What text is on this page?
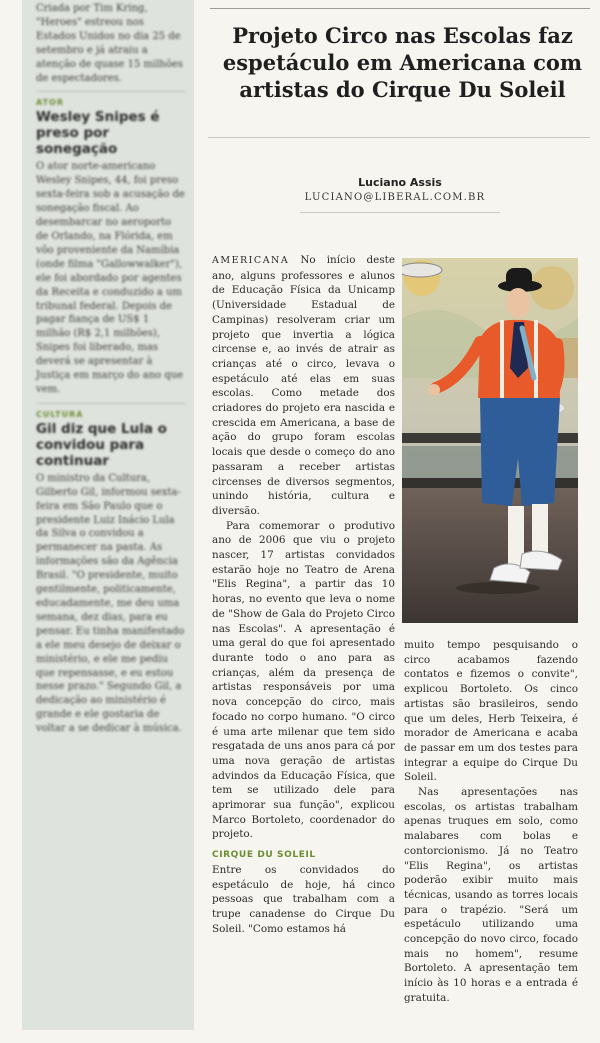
Criada por Tim Kring, "Heroes" estreou nos Estados Unidos no dia 25 de setembro e já atraiu a atenção de quase 15 milhões de espectadores.

ATOR
Wesley Snipes é preso por sonegação

O ator norte-americano Wesley Snipes, 44, foi preso sexta-feira sob a acusação de sonegação fiscal. Ao desembarcar no aeroporto de Orlando, na Flórida, em vôo proveniente da Namíbia (onde filma "Gallowwalker"), ele foi abordado por agentes da Receita e conduzido a um tribunal federal. Depois de pagar fiança de US$ 1 milhão (R$ 2,1 milhões), Snipes foi liberado, mas deverá se apresentar à Justiça em março do ano que vem.

CULTURA
Gil diz que Lula o convidou para continuar

O ministro da Cultura, Gilberto Gil, informou sexta-feira em São Paulo que o presidente Luiz Inácio Lula da Silva o convidou a permanecer na pasta. As informações são da Agência Brasil. "O presidente, muito gentilmente, politicamente, educadamente, me deu uma semana, dez dias, para eu pensar. Eu tinha manifestado a ele meu desejo de deixar o ministério, e ele me pediu que repensasse, e eu estou nesse prazo." Segundo Gil, a dedicação ao ministério é grande e ele gostaria de voltar a se dedicar à música.

Projeto Circo nas Escolas faz espetáculo em Americana com artistas do Cirque Du Soleil
Luciano Assis
LUCIANO@LIBERAL.COM.BR

AMERICANA No início deste ano, alguns professores e alunos de Educação Física da Unicamp (Universidade Estadual de Campinas) resolveram criar um projeto que invertia a lógica circense e, ao invés de atrair as crianças até o circo, levava o espetáculo até elas em suas escolas. Como metade dos criadores do projeto era nascida e crescida em Americana, a base de ação do grupo foram escolas locais que desde o começo do ano passaram a receber artistas circenses de diversos segmentos, unindo história, cultura e diversão.

Para comemorar o produtivo ano de 2006 que viu o projeto nascer, 17 artistas convidados estarão hoje no Teatro de Arena "Elis Regina", a partir das 10 horas, no evento que leva o nome de "Show de Gala do Projeto Circo nas Escolas". A apresentação é uma geral do que foi apresentado durante todo o ano para as crianças, além da presença de artistas responsáveis por uma nova concepção do circo, mais focado no corpo humano. "O circo é uma arte milenar que tem sido resgatada de uns anos para cá por uma nova geração de artistas advindos da Educação Física, que tem se utilizado dele para aprimorar sua função", explicou Marco Bortoleto, coordenador do projeto.

CIRQUE DU SOLEIL

Entre os convidados do espetáculo de hoje, há cinco pessoas que trabalham com a trupe canadense do Cirque Du Soleil. "Como estamos há

muito tempo pesquisando o circo acabamos fazendo contatos e fizemos o convite", explicou Bortoleto. Os cinco artistas são brasileiros, sendo que um deles, Herb Teixeira, é morador de Americana e acaba de passar em um dos testes para integrar a equipe do Cirque Du Soleil.

Nas apresentações nas escolas, os artistas trabalham apenas truques em solo, como malabares com bolas e contorcionismo. Já no Teatro "Elis Regina", os artistas poderão exibir muito mais técnicas, usando as torres locais para o trapézio. "Será um espetáculo utilizando uma concepção do novo circo, focado mais no homem", resume Bortoleto. A apresentação tem início às 10 horas e a entrada é gratuita.
